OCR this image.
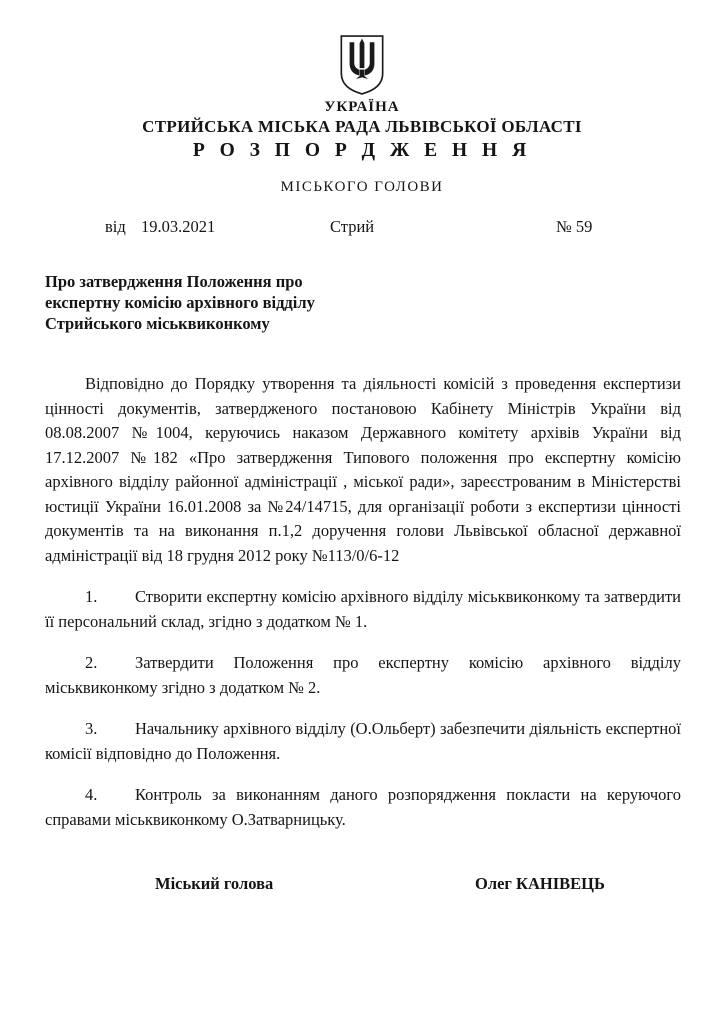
УКРАЇНА
СТРИЙСЬКА МІСЬКА РАДА ЛЬВІВСЬКОЇ ОБЛАСТІ
Р О З П О Р Д Ж Е Н Н Я
МІСЬКОГО ГОЛОВИ
від 19.03.2021	Стрий	№ 59
Про затвердження Положення про
експертну комісію архівного відділу
Стрийського міськвиконкому

Відповідно до Порядку утворення та діяльності комісій з проведення експертизи цінності документів, затвердженого постановою Кабінету Міністрів України від 08.08.2007 №1004, керуючись наказом Державного комітету архівів України від 17.12.2007 №182 «Про затвердження Типового положення про експертну комісію архівного відділу районної адміністрації , міської ради», зареєстрованим в Міністерстві юстиції України 16.01.2008 за №24/14715, для організації роботи з експертизи цінності документів та на виконання п.1,2 доручення голови Львівської обласної державної адміністрації від 18 грудня 2012 року №113/0/6-12

1. Створити експертну комісію архівного відділу міськвиконкому та затвердити її персональний склад, згідно з додатком № 1.

2. Затвердити Положення про експертну комісію архівного відділу міськвиконкому згідно з додатком № 2.

3. Начальнику архівного відділу (О.Ольберт) забезпечити діяльність експертної комісії відповідно до Положення.

4. Контроль за виконанням даного розпорядження покласти на керуючого справами міськвиконкому О.Затварницьку.

Міський голова	Олег КАНІВЕЦЬ
